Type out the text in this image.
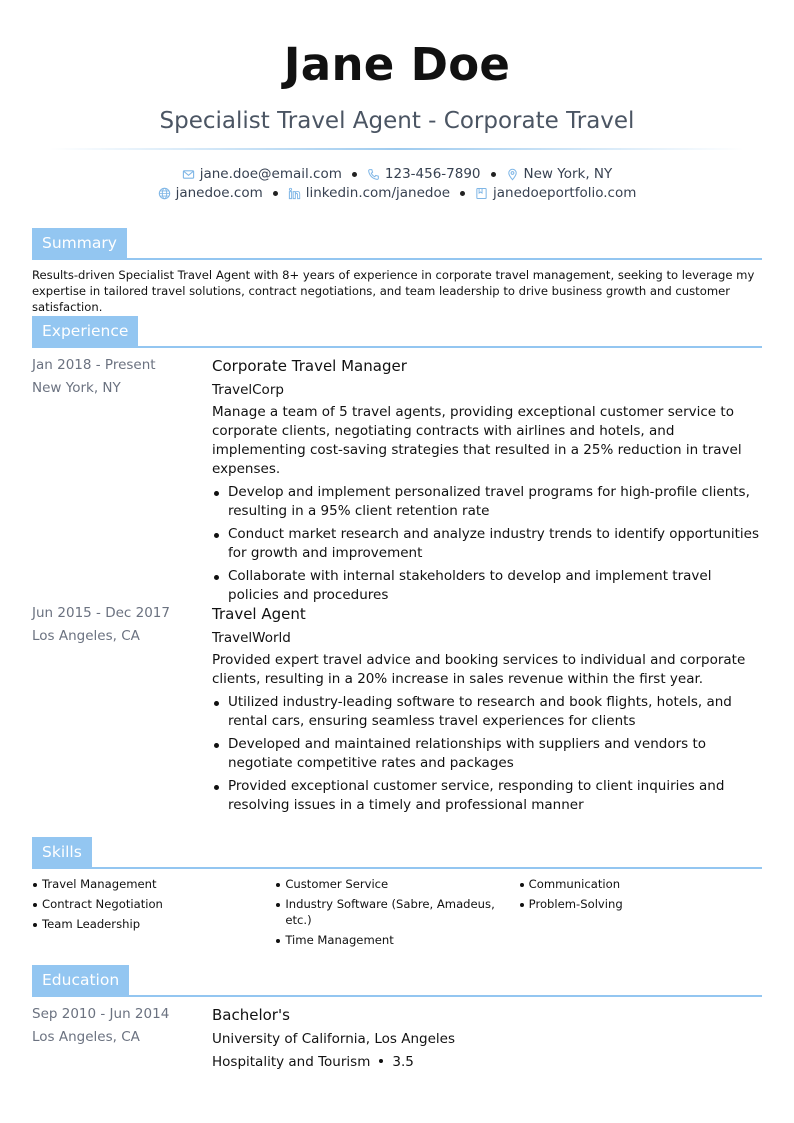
Jane Doe
Specialist Travel Agent - Corporate Travel
jane.doe@email.com	123-456-7890	New York, NY
janedoe.com	linkedin.com/janedoe	janedoeportfolio.com
Summary
Results-driven Specialist Travel Agent with 8+ years of experience in corporate travel management, seeking to leverage my expertise in tailored travel solutions, contract negotiations, and team leadership to drive business growth and customer satisfaction.
Experience
Jan 2018 - Present
New York, NY
Corporate Travel Manager
TravelCorp
Manage a team of 5 travel agents, providing exceptional customer service to corporate clients, negotiating contracts with airlines and hotels, and implementing cost-saving strategies that resulted in a 25% reduction in travel expenses.
Develop and implement personalized travel programs for high-profile clients, resulting in a 95% client retention rate
Conduct market research and analyze industry trends to identify opportunities for growth and improvement
Collaborate with internal stakeholders to develop and implement travel policies and procedures
Jun 2015 - Dec 2017
Los Angeles, CA
Travel Agent
TravelWorld
Provided expert travel advice and booking services to individual and corporate clients, resulting in a 20% increase in sales revenue within the first year.
Utilized industry-leading software to research and book flights, hotels, and rental cars, ensuring seamless travel experiences for clients
Developed and maintained relationships with suppliers and vendors to negotiate competitive rates and packages
Provided exceptional customer service, responding to client inquiries and resolving issues in a timely and professional manner
Skills
Travel Management
Contract Negotiation
Team Leadership
Customer Service
Industry Software (Sabre, Amadeus, etc.)
Time Management
Communication
Problem-Solving
Education
Sep 2010 - Jun 2014
Los Angeles, CA
Bachelor's
University of California, Los Angeles
Hospitality and Tourism 3.5
